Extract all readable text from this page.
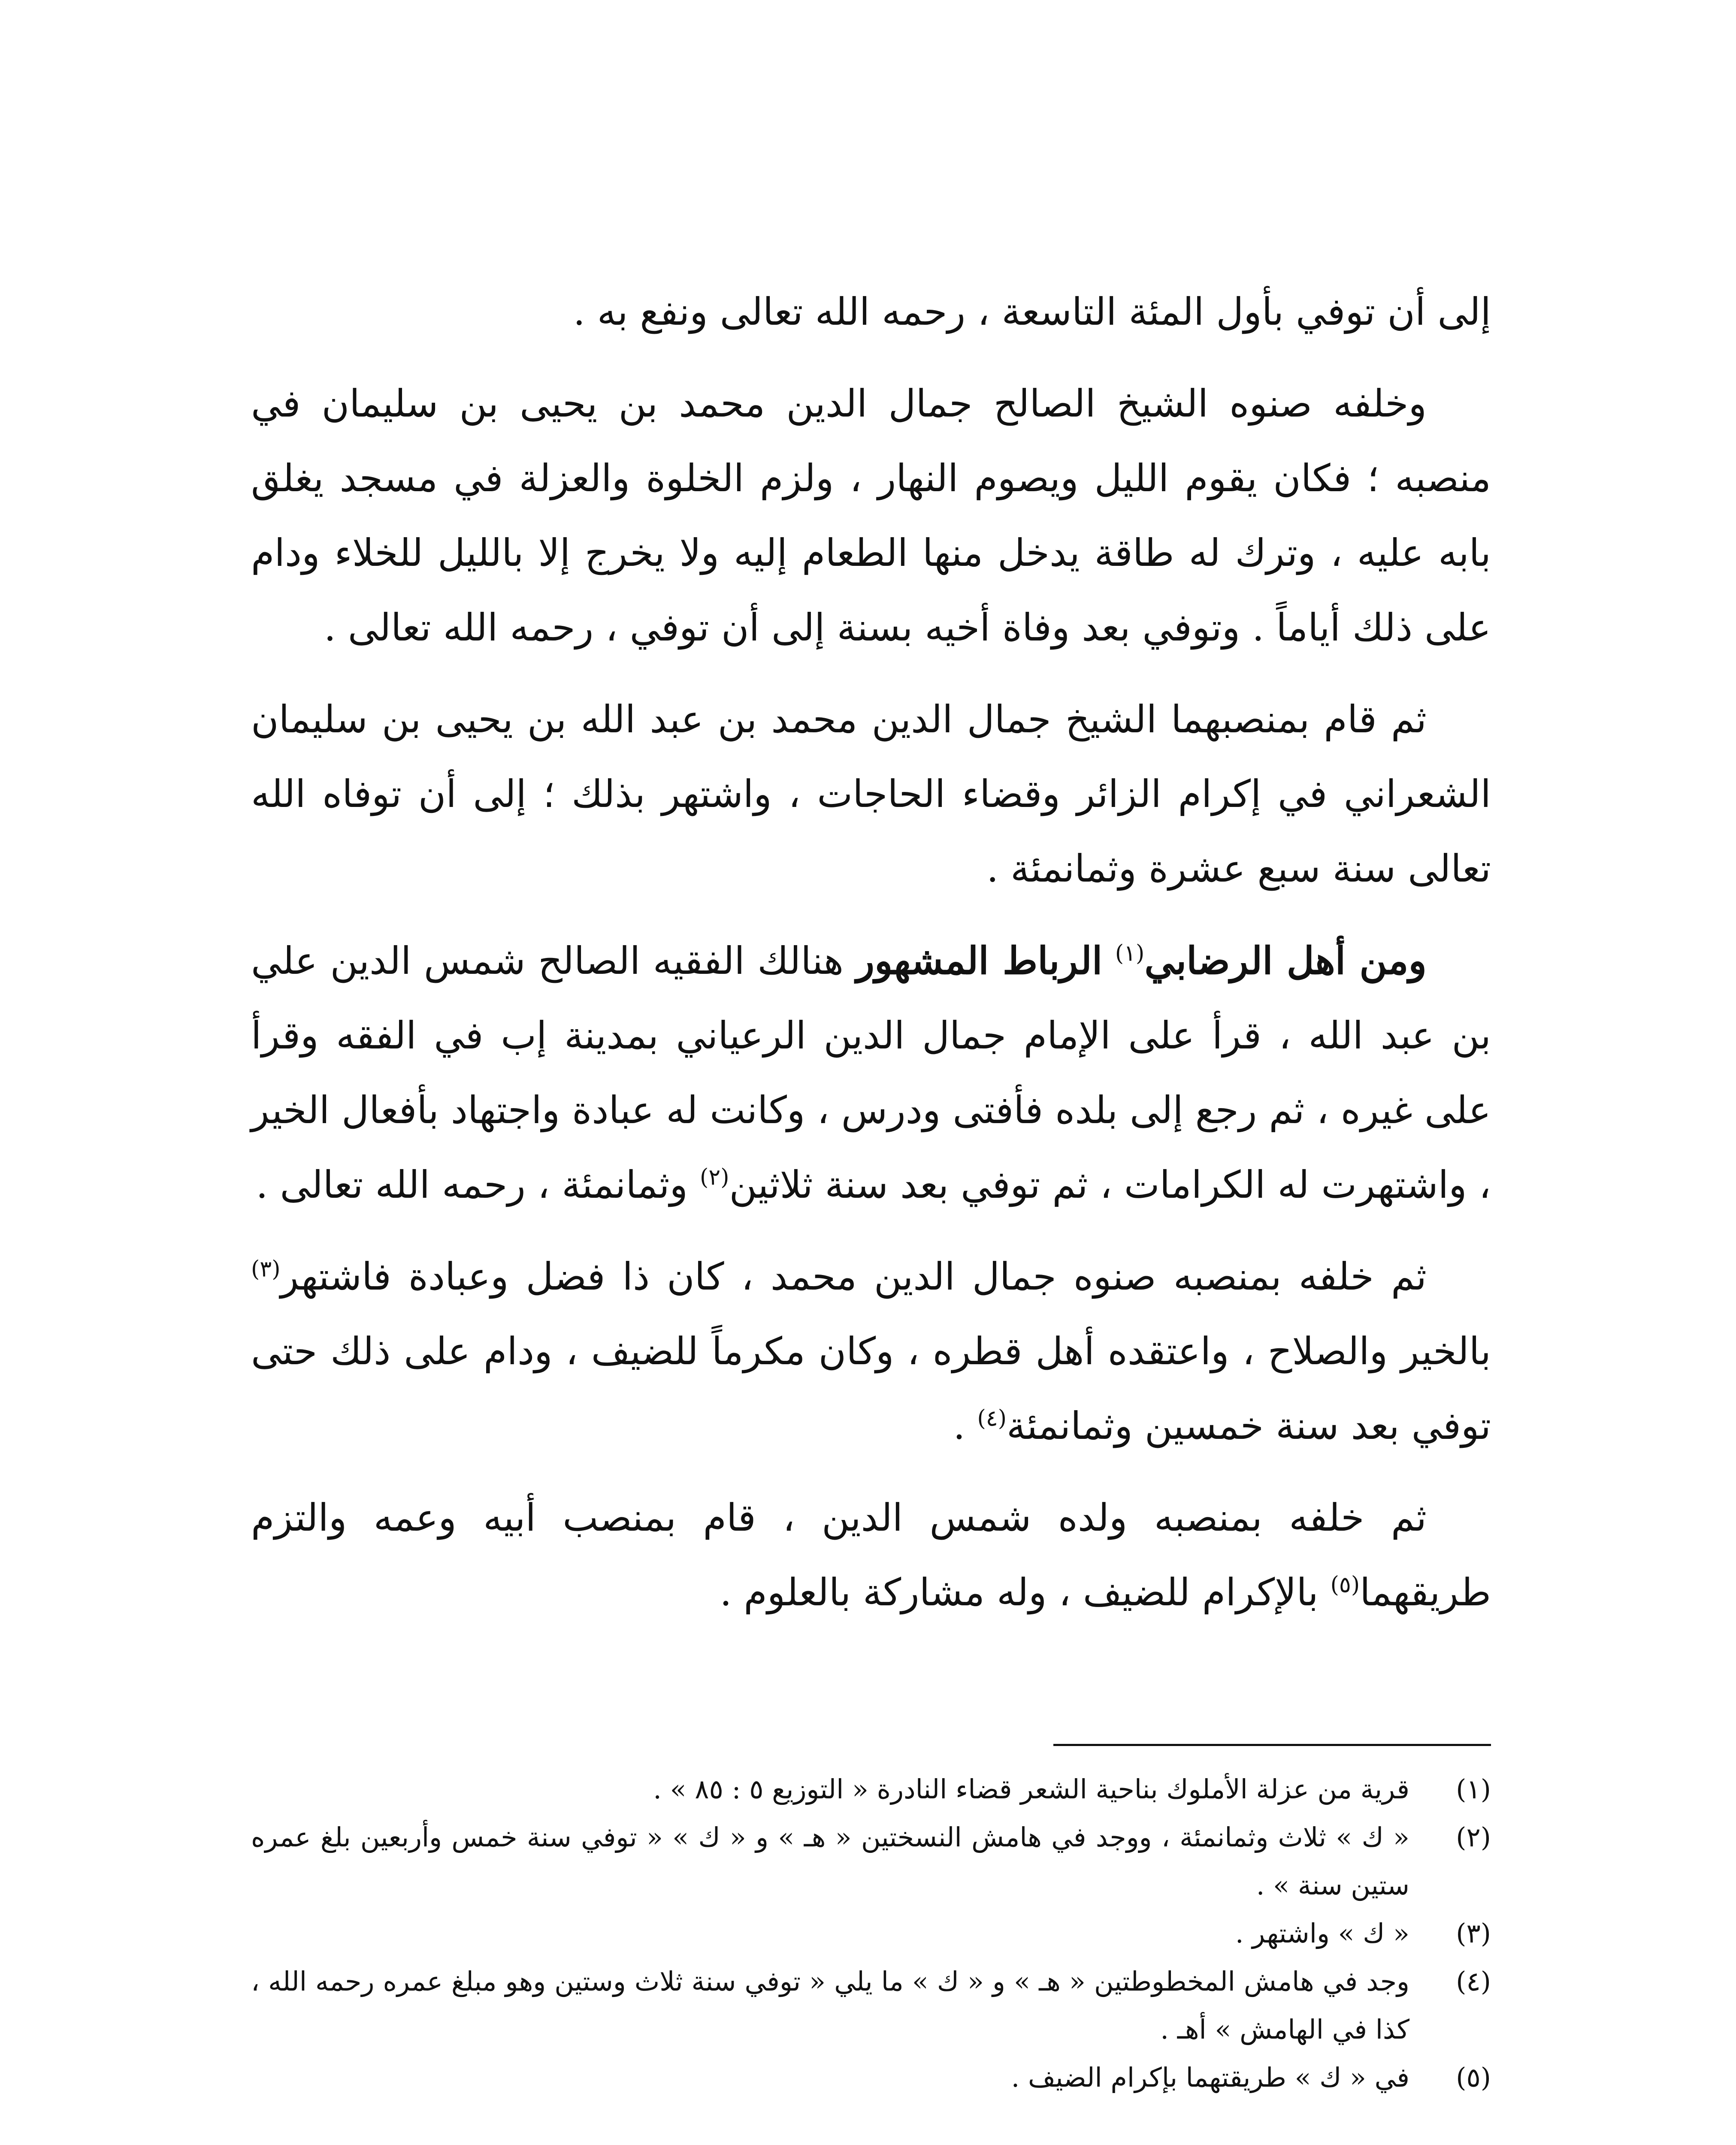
إلى أن توفي بأول المئة التاسعة ، رحمه الله تعالى ونفع به .

وخلفه صنوه الشيخ الصالح جمال الدين محمد بن يحيى بن سليمان في منصبه ؛ فكان يقوم الليل ويصوم النهار ، ولزم الخلوة والعزلة في مسجد يغلق بابه عليه ، وترك له طاقة يدخل منها الطعام إليه ولا يخرج إلا بالليل للخلاء ودام على ذلك أياماً . وتوفي بعد وفاة أخيه بسنة إلى أن توفي ، رحمه الله تعالى .

ثم قام بمنصبهما الشيخ جمال الدين محمد بن عبد الله بن يحيى بن سليمان الشعراني في إكرام الزائر وقضاء الحاجات ، واشتهر بذلك ؛ إلى أن توفاه الله تعالى سنة سبع عشرة وثمانمئة .

ومن أهل الرضابي$^{(١)}$ الرباط المشهور هنالك الفقيه الصالح شمس الدين علي بن عبد الله ، قرأ على الإمام جمال الدين الرعياني بمدينة إب في الفقه وقرأ على غيره ، ثم رجع إلى بلده فأفتى ودرس ، وكانت له عبادة واجتهاد بأفعال الخير ، واشتهرت له الكرامات ، ثم توفي بعد سنة ثلاثين$^{(٢)}$ وثمانمئة ، رحمه الله تعالى .

ثم خلفه بمنصبه صنوه جمال الدين محمد ، كان ذا فضل وعبادة فاشتهر$^{(٣)}$ بالخير والصلاح ، واعتقده أهل قطره ، وكان مكرماً للضيف ، ودام على ذلك حتى توفي بعد سنة خمسين وثمانمئة$^{(٤)}$ .

ثم خلفه بمنصبه ولده شمس الدين ، قام بمنصب أبيه وعمه والتزم طريقهما$^{(٥)}$ بالإكرام للضيف ، وله مشاركة بالعلوم .

(١)
قرية من عزلة الأملوك بناحية الشعر قضاء النادرة « التوزيع ٥ : ٨٥ » .
(٢)
« ك » ثلاث وثمانمئة ، ووجد في هامش النسختين « هـ » و « ك » « توفي سنة خمس وأربعين بلغ عمره ستين سنة » .
(٣)
« ك » واشتهر .
(٤)
وجد في هامش المخطوطتين « هـ » و « ك » ما يلي « توفي سنة ثلاث وستين وهو مبلغ عمره رحمه الله ، كذا في الهامش » أهـ .
(٥)
في « ك » طريقتهما بإكرام الضيف .
